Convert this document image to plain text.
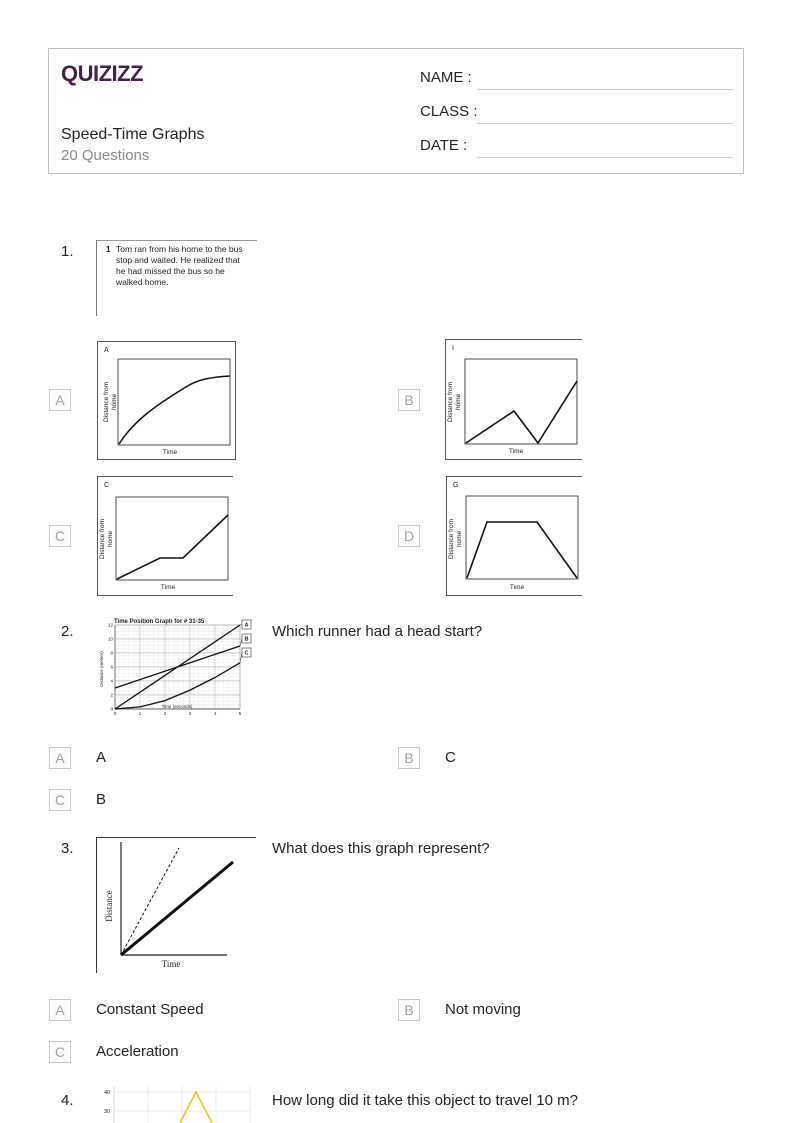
QUIZIZZ
Speed-Time Graphs
20 Questions
NAME :
CLASS :
DATE :
1.	1 Tom ran from his home to the bus
stop and waited. He realized that
he had missed the bus so he
walked home.
A
A
Distance fromhome
Time
B
I
Distance fromhome
Time
C
C
Distance fromhome
Time
D
G
Distance fromhome
Time
2.
Time Position Graph for # 31-35
0
2
4
6
8
10
12
0	1	2	3	4	5
Distance (meters)
Time (seconds)
A
B
C
Which runner had a head start?
A	A	B	C
C	B
3.
Distance
Time
What does this graph represent?
A	Constant Speed	B	Not moving
C	Acceleration
4.	40
30
How long did it take this object to travel 10 m?
